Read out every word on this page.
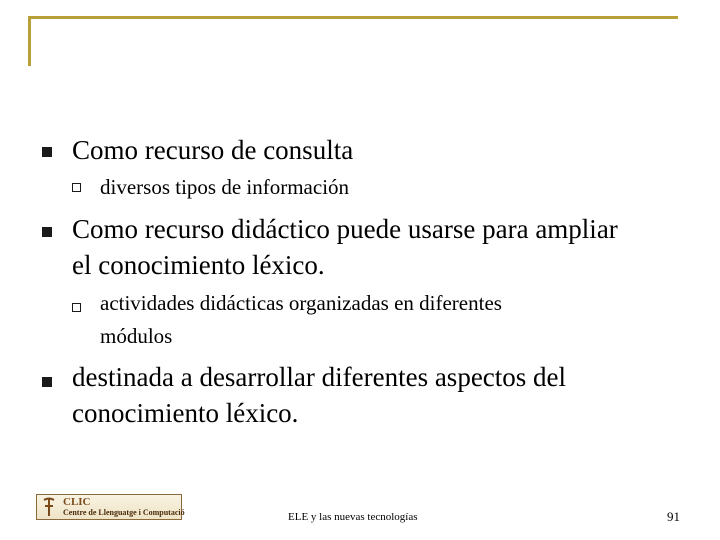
Como recurso de consulta
diversos tipos de información
Como recurso didáctico puede usarse para ampliar
el conocimiento léxico.
actividades didácticas organizadas en diferentes
módulos
destinada a desarrollar diferentes aspectos del
conocimiento léxico.
CLIC
Centre de Llenguatge i Computació	ELE y las nuevas tecnologías	91
